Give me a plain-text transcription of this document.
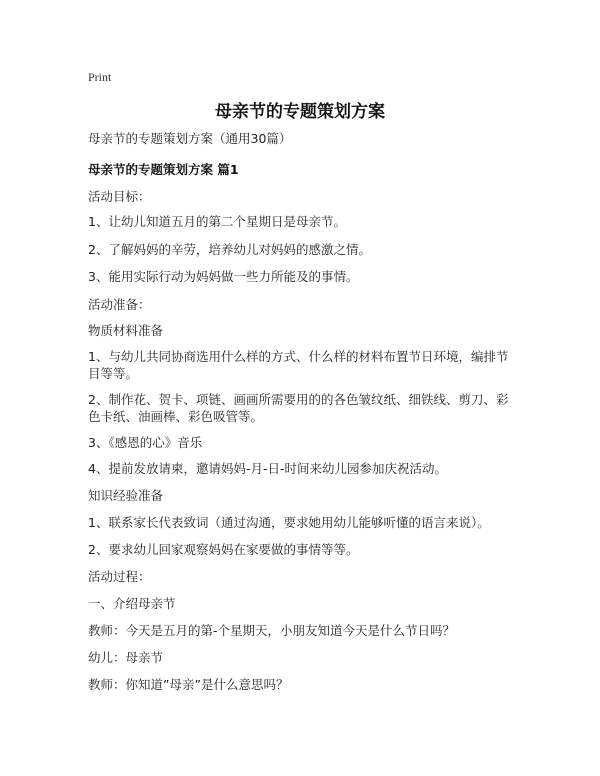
Print
母亲节的专题策划方案
母亲节的专题策划方案（通用30篇）
母亲节的专题策划方案 篇1
活动目标：
1、让幼儿知道五月的第二个星期日是母亲节。
2、了解妈妈的辛劳，培养幼儿对妈妈的感激之情。
3、能用实际行动为妈妈做一些力所能及的事情。
活动准备：
物质材料准备
1、与幼儿共同协商选用什么样的方式、什么样的材料布置节日环境，编排节目等等。
2、制作花、贺卡、项链、画画所需要用的的各色皱纹纸、细铁线、剪刀、彩色卡纸、油画棒、彩色吸管等。
3、《感恩的心》音乐
4、提前发放请柬，邀请妈妈-月-日-时间来幼儿园参加庆祝活动。
知识经验准备
1、联系家长代表致词（通过沟通，要求她用幼儿能够听懂的语言来说）。
2、要求幼儿回家观察妈妈在家要做的事情等等。
活动过程：
一、介绍母亲节
教师：今天是五月的第-个星期天，小朋友知道今天是什么节日吗？
幼儿：母亲节
教师：你知道”母亲”是什么意思吗？
